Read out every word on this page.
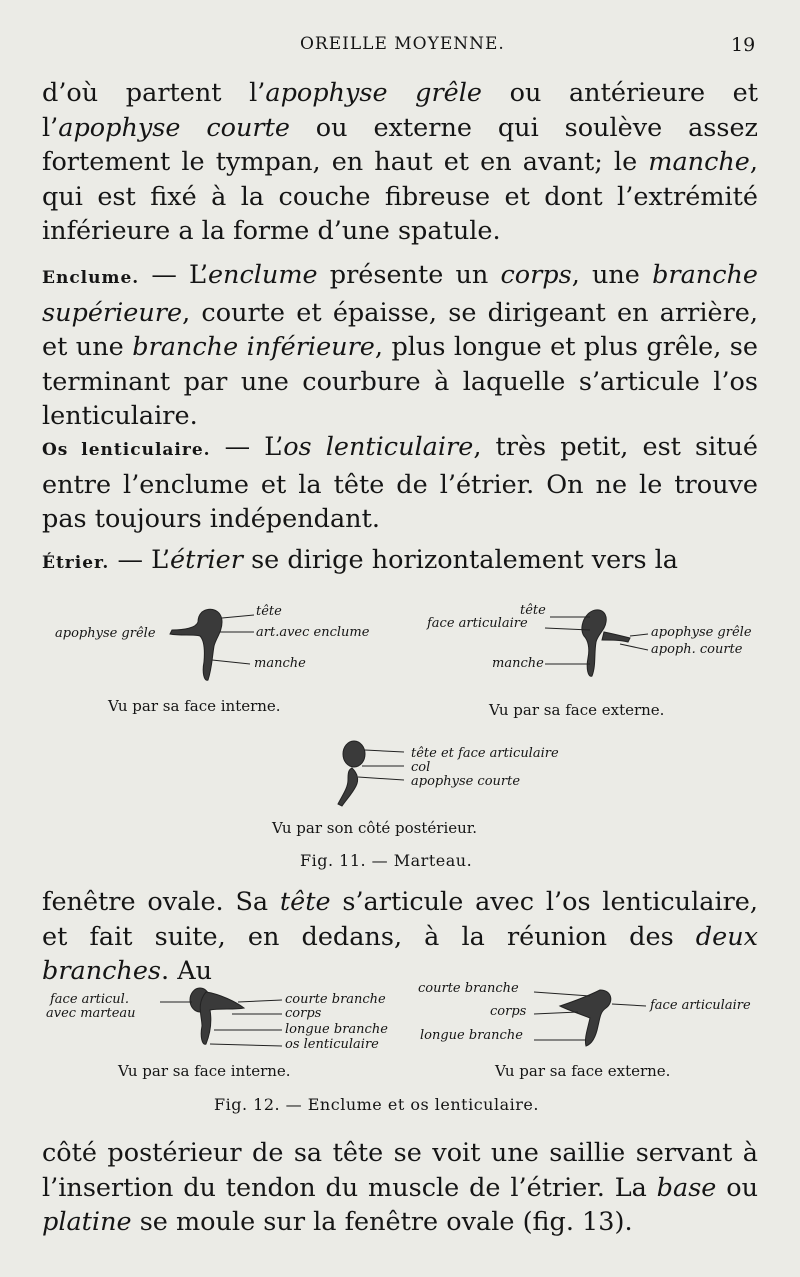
OREILLE MOYENNE.	19

d’où partent l’apophyse grêle ou antérieure et l’apophyse courte ou externe qui soulève assez fortement le tympan, en haut et en avant; le manche, qui est fixé à la couche fibreuse et dont l’extrémité inférieure a la forme d’une spatule.

Enclume. — L’enclume présente un corps, une branche supérieure, courte et épaisse, se dirigeant en arrière, et une branche inférieure, plus longue et plus grêle, se terminant par une courbure à laquelle s’articule l’os lenticulaire.

Os lenticulaire. — L’os lenticulaire, très petit, est situé entre l’enclume et la tête de l’étrier. On ne le trouve pas toujours indépendant.

Étrier. — L’étrier se dirige horizontalement vers la

tête
apophyse grêle	art.avec enclume
manche
Vu par sa face interne.
tête
face articulaire
apophyse grêle
apoph. courte
manche
Vu par sa face externe.
tête et face articulaire
col
apophyse courte
Vu par son côté postérieur.
Fig. 11. — Marteau.

fenêtre ovale. Sa tête s’articule avec l’os lenticulaire, et fait suite, en dedans, à la réunion des deux branches. Au

face articul.
avec marteau
courte branche
corps
longue branche
os lenticulaire
Vu par sa face interne.
courte branche
corps
longue branche
face articulaire
Vu par sa face externe.
Fig. 12. — Enclume et os lenticulaire.

côté postérieur de sa tête se voit une saillie servant à l’insertion du tendon du muscle de l’étrier. La base ou platine se moule sur la fenêtre ovale (fig. 13).
